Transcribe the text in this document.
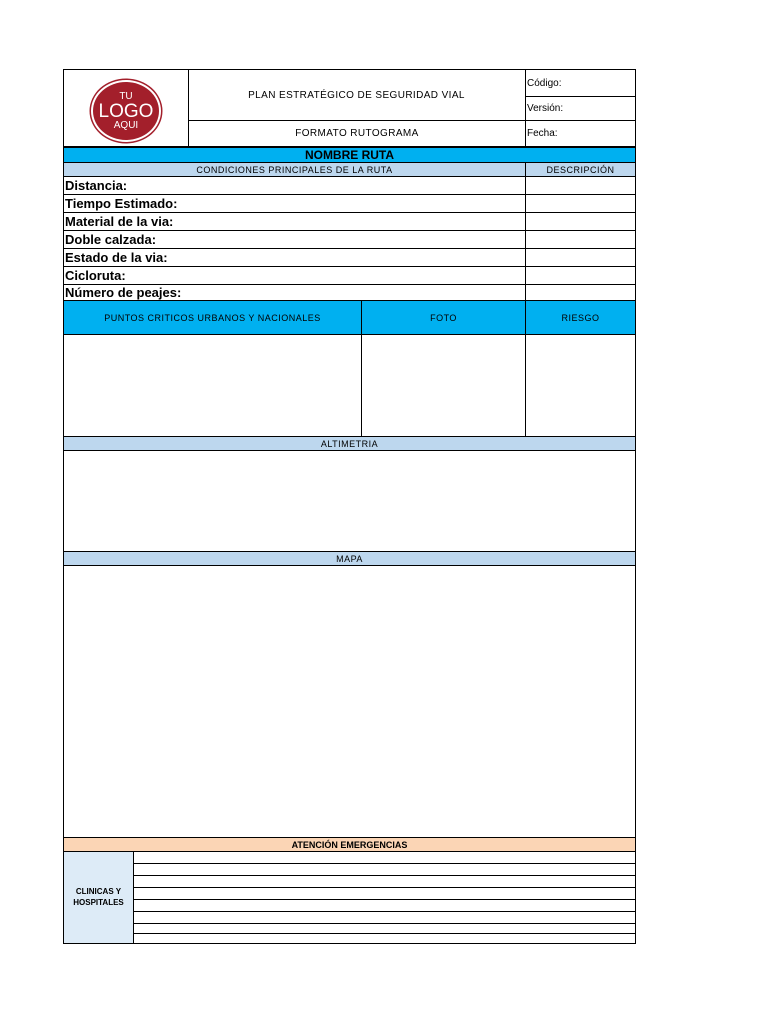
TU
LOGO
AQUI
PLAN ESTRATÉGICO DE SEGURIDAD VIAL
FORMATO RUTOGRAMA
Código:
Versión:
Fecha:
NOMBRE RUTA
CONDICIONES PRINCIPALES DE LA RUTA	DESCRIPCIÓN
Distancia:
Tiempo Estimado:
Material de la via:
Doble calzada:
Estado de la via:
Cicloruta:
Número de peajes:
PUNTOS CRITICOS URBANOS Y NACIONALES	FOTO	RIESGO
ALTIMETRIA
MAPA
ATENCIÓN EMERGENCIAS
CLINICAS Y
HOSPITALES
